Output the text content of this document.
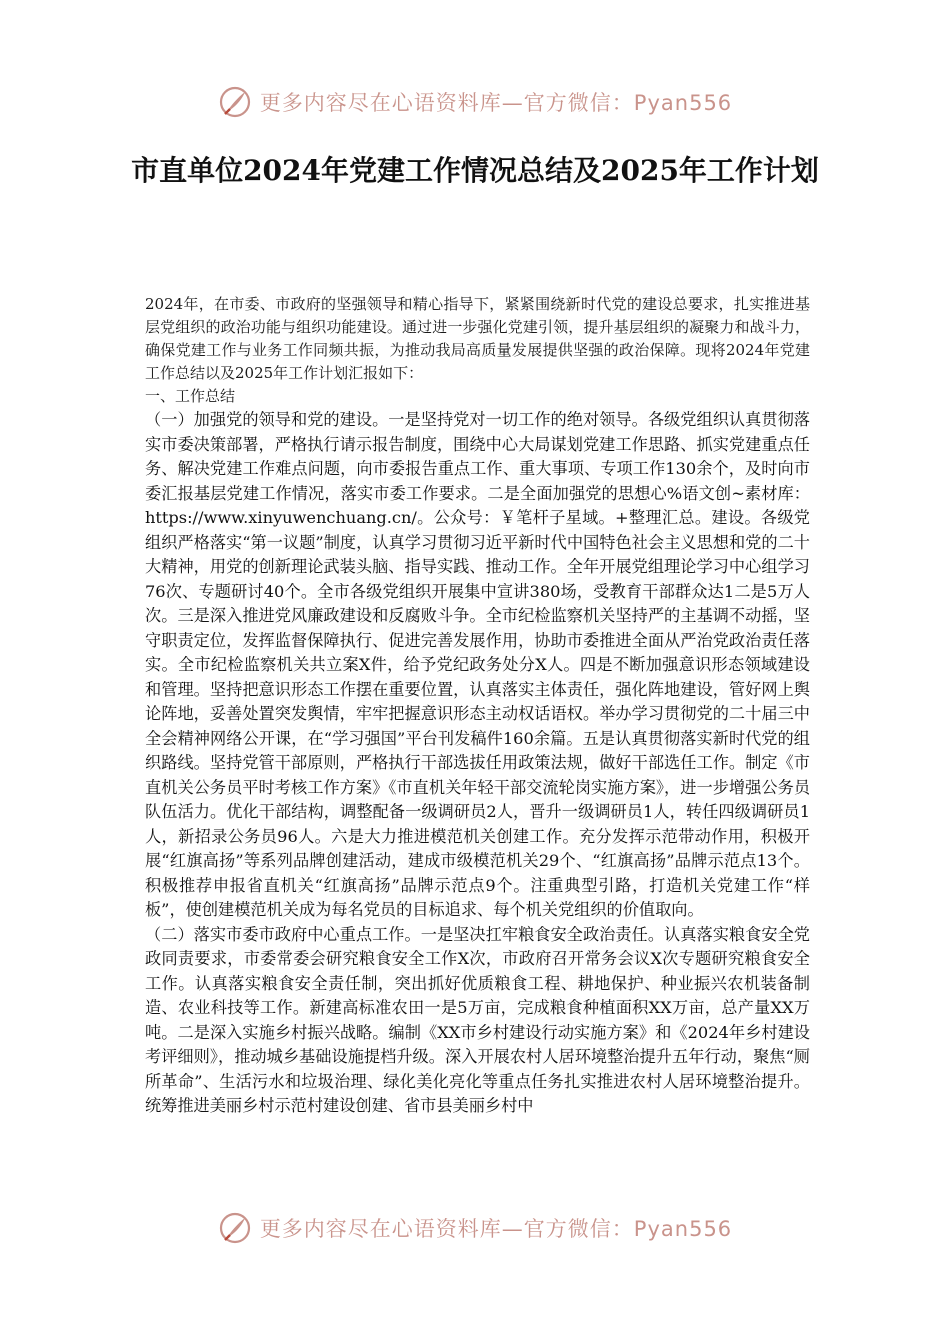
更多内容尽在心语资料库—官方微信：Pyan556
市直单位2024年党建工作情况总结及2025年工作计划

2024年，在市委、市政府的坚强领导和精心指导下，紧紧围绕新时代党的建设总要求，扎实推进基层党组织的政治功能与组织功能建设。通过进一步强化党建引领，提升基层组织的凝聚力和战斗力，确保党建工作与业务工作同频共振，为推动我局高质量发展提供坚强的政治保障。现将2024年党建工作总结以及2025年工作计划汇报如下：

一、工作总结

（一）加强党的领导和党的建设。一是坚持党对一切工作的绝对领导。各级党组织认真贯彻落实市委决策部署，严格执行请示报告制度，围绕中心大局谋划党建工作思路、抓实党建重点任务、解决党建工作难点问题，向市委报告重点工作、重大事项、专项工作130余个，及时向市委汇报基层党建工作情况，落实市委工作要求。二是全面加强党的思想心%语文创~素材库：https://www.xinyuwenchuang.cn/。公众号：￥笔杆子星域。+整理汇总。建设。各级党组织严格落实“第一议题”制度，认真学习贯彻习近平新时代中国特色社会主义思想和党的二十大精神，用党的创新理论武装头脑、指导实践、推动工作。全年开展党组理论学习中心组学习76次、专题研讨40个。全市各级党组织开展集中宣讲380场，受教育干部群众达1二是5万人次。三是深入推进党风廉政建设和反腐败斗争。全市纪检监察机关坚持严的主基调不动摇，坚守职责定位，发挥监督保障执行、促进完善发展作用，协助市委推进全面从严治党政治责任落实。全市纪检监察机关共立案X件，给予党纪政务处分X人。四是不断加强意识形态领域建设和管理。坚持把意识形态工作摆在重要位置，认真落实主体责任，强化阵地建设，管好网上舆论阵地，妥善处置突发舆情，牢牢把握意识形态主动权话语权。举办学习贯彻党的二十届三中全会精神网络公开课，在“学习强国”平台刊发稿件160余篇。五是认真贯彻落实新时代党的组织路线。坚持党管干部原则，严格执行干部选拔任用政策法规，做好干部选任工作。制定《市直机关公务员平时考核工作方案》《市直机关年轻干部交流轮岗实施方案》，进一步增强公务员队伍活力。优化干部结构，调整配备一级调研员2人，晋升一级调研员1人，转任四级调研员1人，新招录公务员96人。六是大力推进模范机关创建工作。充分发挥示范带动作用，积极开展“红旗高扬”等系列品牌创建活动，建成市级模范机关29个、“红旗高扬”品牌示范点13个。积极推荐申报省直机关“红旗高扬”品牌示范点9个。注重典型引路，打造机关党建工作“样板”，使创建模范机关成为每名党员的目标追求、每个机关党组织的价值取向。

（二）落实市委市政府中心重点工作。一是坚决扛牢粮食安全政治责任。认真落实粮食安全党政同责要求，市委常委会研究粮食安全工作X次，市政府召开常务会议X次专题研究粮食安全工作。认真落实粮食安全责任制，突出抓好优质粮食工程、耕地保护、种业振兴农机装备制造、农业科技等工作。新建高标准农田一是5万亩，完成粮食种植面积XX万亩，总产量XX万吨。二是深入实施乡村振兴战略。编制《XX市乡村建设行动实施方案》和《2024年乡村建设考评细则》，推动城乡基础设施提档升级。深入开展农村人居环境整治提升五年行动，聚焦“厕所革命”、生活污水和垃圾治理、绿化美化亮化等重点任务扎实推进农村人居环境整治提升。统筹推进美丽乡村示范村建设创建、省市县美丽乡村中

更多内容尽在心语资料库—官方微信：Pyan556
